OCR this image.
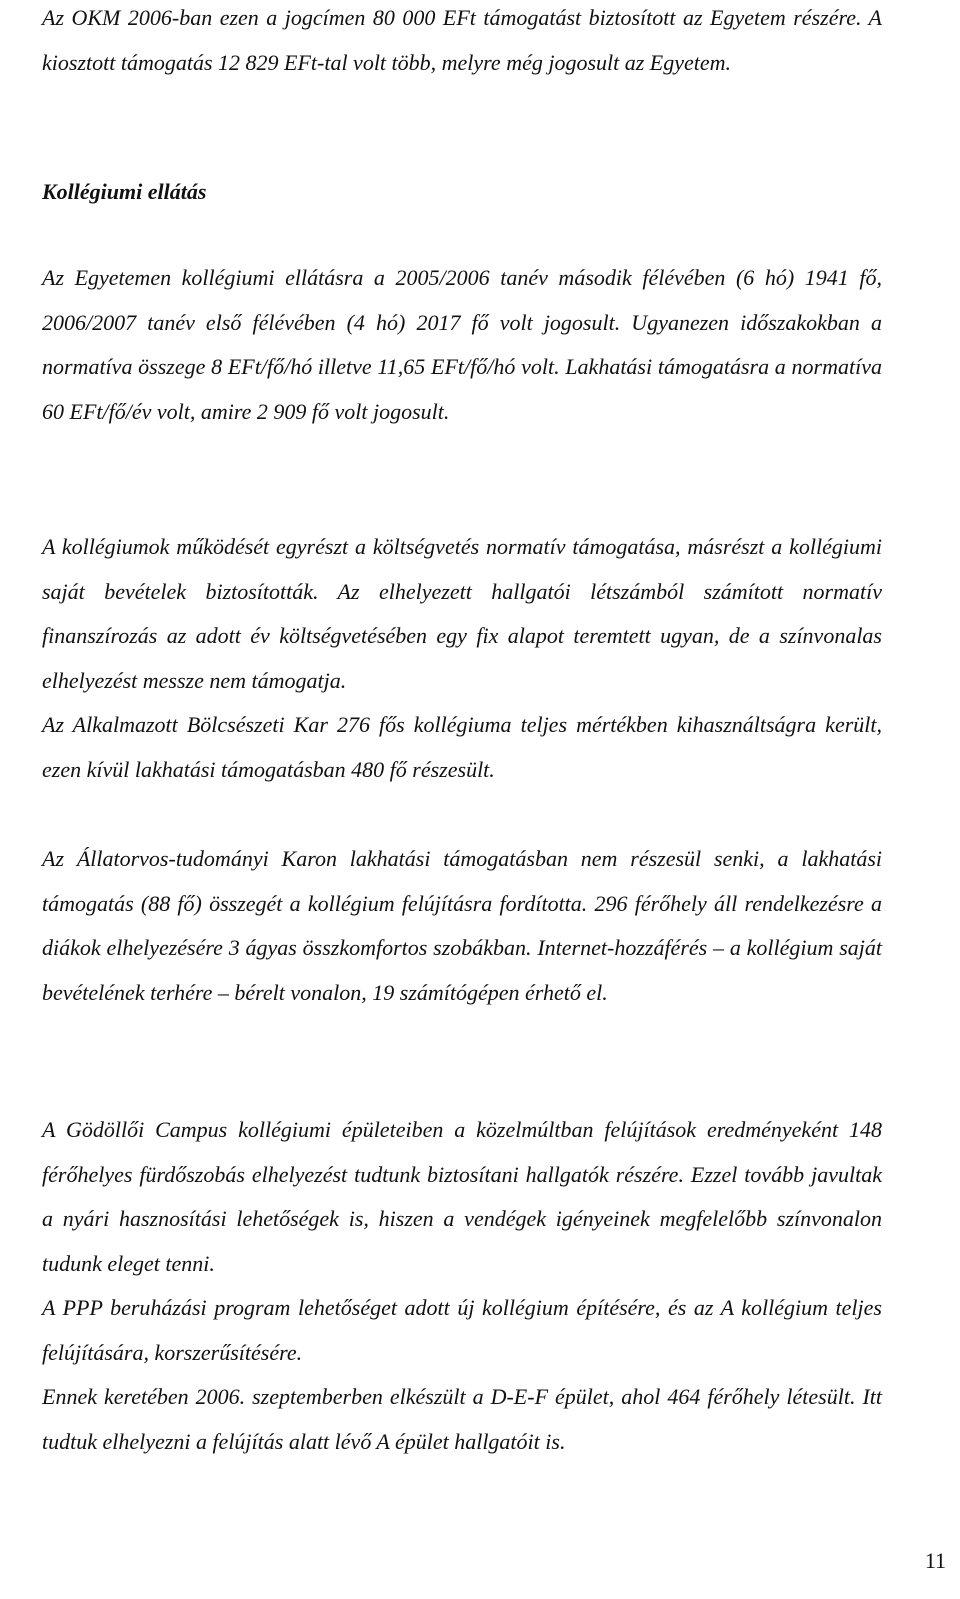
Az OKM 2006-ban ezen a jogcímen 80 000 EFt támogatást biztosított az Egyetem részére. A kiosztott támogatás 12 829 EFt-tal volt több, melyre még jogosult az Egyetem.

Kollégiumi ellátás

Az Egyetemen kollégiumi ellátásra a 2005/2006 tanév második félévében (6 hó) 1941 fő, 2006/2007 tanév első félévében (4 hó) 2017 fő volt jogosult. Ugyanezen időszakokban a normatíva összege 8 EFt/fő/hó illetve 11,65 EFt/fő/hó volt. Lakhatási támogatásra a normatíva 60 EFt/fő/év volt, amire 2 909 fő volt jogosult.

A kollégiumok működését egyrészt a költségvetés normatív támogatása, másrészt a kollégiumi saját bevételek biztosították. Az elhelyezett hallgatói létszámból számított normatív finanszírozás az adott év költségvetésében egy fix alapot teremtett ugyan, de a színvonalas elhelyezést messze nem támogatja.

Az Alkalmazott Bölcsészeti Kar 276 fős kollégiuma teljes mértékben kihasználtságra került, ezen kívül lakhatási támogatásban 480 fő részesült.

Az Állatorvos-tudományi Karon lakhatási támogatásban nem részesül senki, a lakhatási támogatás (88 fő) összegét a kollégium felújításra fordította. 296 férőhely áll rendelkezésre a diákok elhelyezésére 3 ágyas összkomfortos szobákban. Internet-hozzáférés – a kollégium saját bevételének terhére – bérelt vonalon, 19 számítógépen érhető el.

A Gödöllői Campus kollégiumi épületeiben a közelmúltban felújítások eredményeként 148 férőhelyes fürdőszobás elhelyezést tudtunk biztosítani hallgatók részére. Ezzel tovább javultak a nyári hasznosítási lehetőségek is, hiszen a vendégek igényeinek megfelelőbb színvonalon tudunk eleget tenni.

A PPP beruházási program lehetőséget adott új kollégium építésére, és az A kollégium teljes felújítására, korszerűsítésére.

Ennek keretében 2006. szeptemberben elkészült a D-E-F épület, ahol 464 férőhely létesült. Itt tudtuk elhelyezni a felújítás alatt lévő A épület hallgatóit is.

11
